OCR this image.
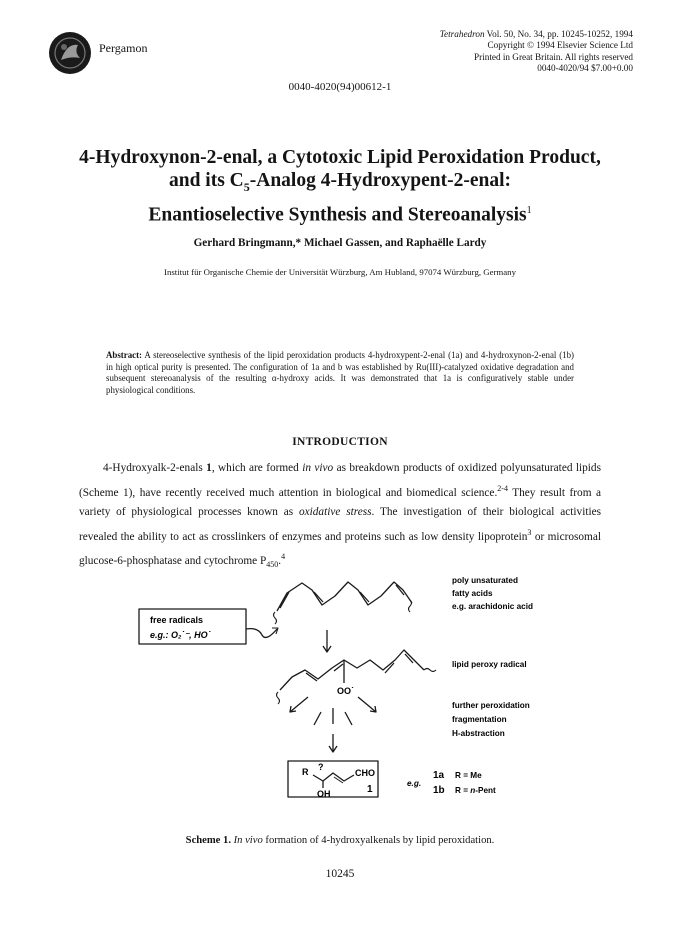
Pergamon
Tetrahedron Vol. 50, No. 34, pp. 10245-10252, 1994
Copyright © 1994 Elsevier Science Ltd
Printed in Great Britain. All rights reserved
0040-4020/94 $7.00+0.00
0040-4020(94)00612-1
4-Hydroxynon-2-enal, a Cytotoxic Lipid Peroxidation Product,
and its $C_5$-Analog 4-Hydroxypent-2-enal:
Enantioselective Synthesis and Stereoanalysis$^1$
Gerhard Bringmann,* Michael Gassen, and Raphaëlle Lardy
Institut für Organische Chemie der Universität Würzburg, Am Hubland, 97074 Würzburg, Germany
Abstract: A stereoselective synthesis of the lipid peroxidation products 4-hydroxypent-2-enal (1a) and 4-hydroxynon-2-enal (1b) in high optical purity is presented. The configuration of 1a and b was established by Ru(III)-catalyzed oxidative degradation and subsequent stereoanalysis of the resulting α-hydroxy acids. It was demonstrated that 1a is configuratively stable under physiological conditions.
INTRODUCTION

4-Hydroxyalk-2-enals 1, which are formed in vivo as breakdown products of oxidized polyunsaturated lipids (Scheme 1), have recently received much attention in biological and biomedical science.$^{2-4}$ They result from a variety of physiological processes known as oxidative stress. The investigation of their biological activities revealed the ability to act as crosslinkers of enzymes and proteins such as low density lipoprotein$^3$ or microsomal glucose-6-phosphatase and cytochrome $P_{450}.^4$

poly unsaturated
fatty acids
e.g. arachidonic acid
free radicals
e.g.: O₂˙⁻, HO˙
OO˙
lipid peroxy radical
further peroxidation
fragmentation
H-abstraction
R ?
CHO
OH	1
e.g.
1a R = Me
1b R = n-Pent
Scheme 1. In vivo formation of 4-hydroxyalkenals by lipid peroxidation.
10245
